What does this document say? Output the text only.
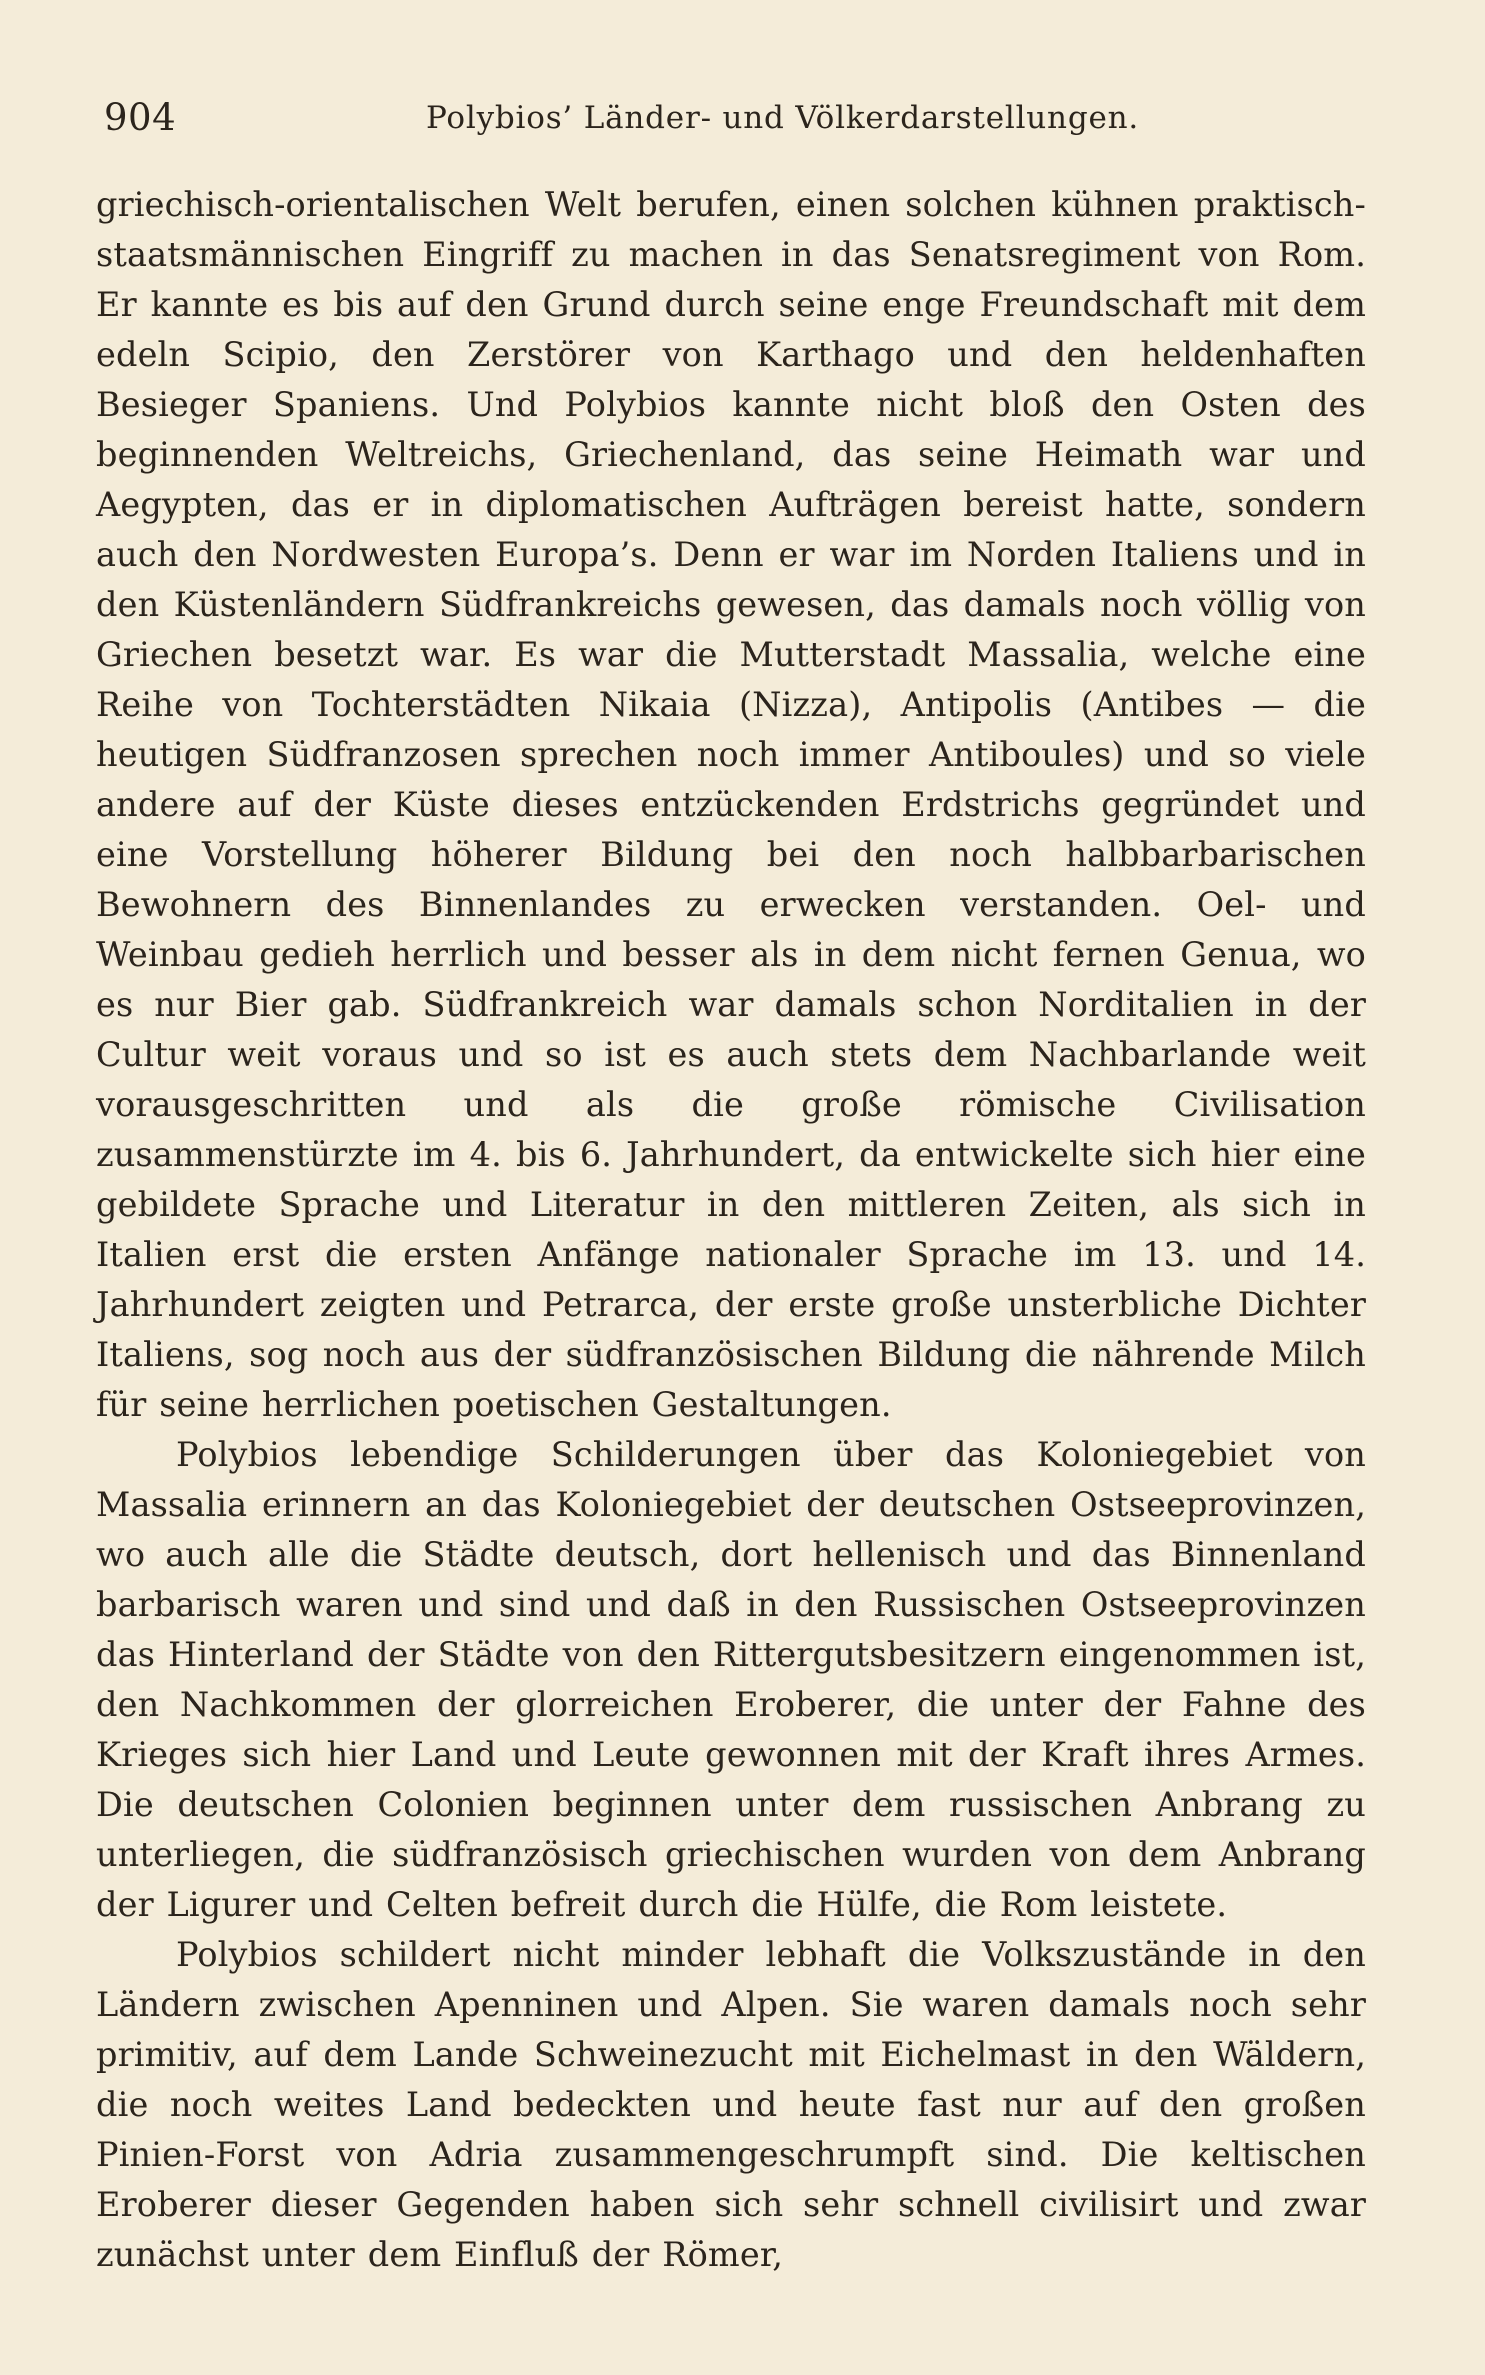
904	Polybios’ Länder- und Völkerdarstellungen.

griechisch-orientalischen Welt berufen, einen solchen kühnen praktisch-staatsmännischen Eingriff zu machen in das Senatsregiment von Rom. Er kannte es bis auf den Grund durch seine enge Freundschaft mit dem edeln Scipio, den Zerstörer von Karthago und den heldenhaften Besieger Spaniens. Und Polybios kannte nicht bloß den Osten des beginnenden Weltreichs, Griechenland, das seine Heimath war und Aegypten, das er in diplomatischen Aufträgen bereist hatte, sondern auch den Nordwesten Europa’s. Denn er war im Norden Italiens und in den Küstenländern Südfrankreichs gewesen, das damals noch völlig von Griechen besetzt war. Es war die Mutterstadt Massalia, welche eine Reihe von Tochterstädten Nikaia (Nizza), Antipolis (Antibes — die heutigen Südfranzosen sprechen noch immer Antiboules) und so viele andere auf der Küste dieses entzückenden Erdstrichs gegründet und eine Vorstellung höherer Bildung bei den noch halbbarbarischen Bewohnern des Binnenlandes zu erwecken verstanden. Oel- und Weinbau gedieh herrlich und besser als in dem nicht fernen Genua, wo es nur Bier gab. Südfrankreich war damals schon Norditalien in der Cultur weit voraus und so ist es auch stets dem Nachbarlande weit vorausgeschritten und als die große römische Civilisation zusammenstürzte im 4. bis 6. Jahrhundert, da entwickelte sich hier eine gebildete Sprache und Literatur in den mittleren Zeiten, als sich in Italien erst die ersten Anfänge nationaler Sprache im 13. und 14. Jahrhundert zeigten und Petrarca, der erste große unsterbliche Dichter Italiens, sog noch aus der südfranzösischen Bildung die nährende Milch für seine herrlichen poetischen Gestaltungen.

Polybios lebendige Schilderungen über das Koloniegebiet von Massalia erinnern an das Koloniegebiet der deutschen Ostseeprovinzen, wo auch alle die Städte deutsch, dort hellenisch und das Binnenland barbarisch waren und sind und daß in den Russischen Ostseeprovinzen das Hinterland der Städte von den Rittergutsbesitzern eingenommen ist, den Nachkommen der glorreichen Eroberer, die unter der Fahne des Krieges sich hier Land und Leute gewonnen mit der Kraft ihres Armes. Die deutschen Colonien beginnen unter dem russischen Anbrang zu unterliegen, die südfranzösisch griechischen wurden von dem Anbrang der Ligurer und Celten befreit durch die Hülfe, die Rom leistete.

Polybios schildert nicht minder lebhaft die Volkszustände in den Ländern zwischen Apenninen und Alpen. Sie waren damals noch sehr primitiv, auf dem Lande Schweinezucht mit Eichelmast in den Wäldern, die noch weites Land bedeckten und heute fast nur auf den großen Pinien-Forst von Adria zusammengeschrumpft sind. Die keltischen Eroberer dieser Gegenden haben sich sehr schnell civilisirt und zwar zunächst unter dem Einfluß der Römer,
